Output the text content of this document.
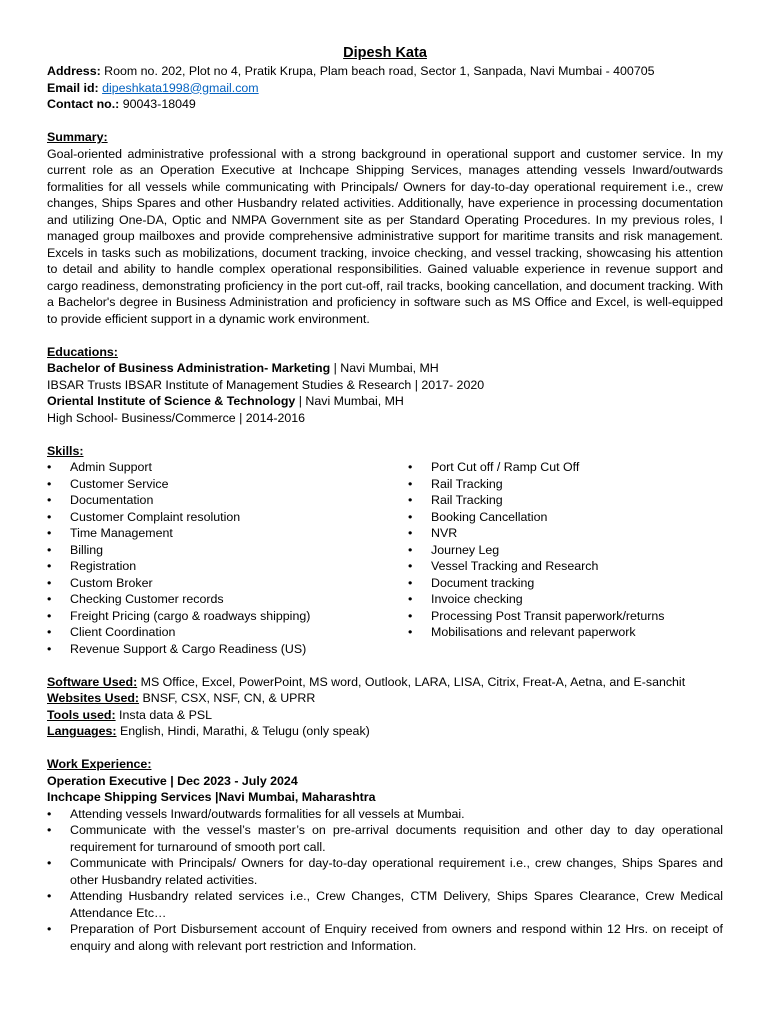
Dipesh Kata
Address: Room no. 202, Plot no 4, Pratik Krupa, Plam beach road, Sector 1, Sanpada, Navi Mumbai - 400705
Email id: dipeshkata1998@gmail.com
Contact no.: 90043-18049
Summary:
Goal-oriented administrative professional with a strong background in operational support and customer service. In my current role as an Operation Executive at Inchcape Shipping Services, manages attending vessels Inward/outwards formalities for all vessels while communicating with Principals/ Owners for day-to-day operational requirement i.e., crew changes, Ships Spares and other Husbandry related activities. Additionally, have experience in processing documentation and utilizing One-DA, Optic and NMPA Government site as per Standard Operating Procedures. In my previous roles, I managed group mailboxes and provide comprehensive administrative support for maritime transits and risk management. Excels in tasks such as mobilizations, document tracking, invoice checking, and vessel tracking, showcasing his attention to detail and ability to handle complex operational responsibilities. Gained valuable experience in revenue support and cargo readiness, demonstrating proficiency in the port cut-off, rail tracks, booking cancellation, and document tracking. With a Bachelor's degree in Business Administration and proficiency in software such as MS Office and Excel, is well-equipped to provide efficient support in a dynamic work environment.
Educations:
Bachelor of Business Administration- Marketing | Navi Mumbai, MH
IBSAR Trusts IBSAR Institute of Management Studies & Research | 2017- 2020
Oriental Institute of Science & Technology | Navi Mumbai, MH
High School- Business/Commerce | 2014-2016
Skills:
• Admin Support
• Customer Service
• Documentation
• Customer Complaint resolution
• Time Management
• Billing
• Registration
• Custom Broker
• Checking Customer records
• Freight Pricing (cargo & roadways shipping)
• Client Coordination
• Revenue Support & Cargo Readiness (US)
• Port Cut off / Ramp Cut Off
• Rail Tracking
• Rail Tracking
• Booking Cancellation
• NVR
• Journey Leg
• Vessel Tracking and Research
• Document tracking
• Invoice checking
• Processing Post Transit paperwork/returns
• Mobilisations and relevant paperwork
Software Used: MS Office, Excel, PowerPoint, MS word, Outlook, LARA, LISA, Citrix, Freat-A, Aetna, and E-sanchit
Websites Used: BNSF, CSX, NSF, CN, & UPRR
Tools used: Insta data & PSL
Languages: English, Hindi, Marathi, & Telugu (only speak)
Work Experience:
Operation Executive | Dec 2023 - July 2024
Inchcape Shipping Services |Navi Mumbai, Maharashtra
• Attending vessels Inward/outwards formalities for all vessels at Mumbai.
• Communicate with the vessel’s master’s on pre-arrival documents requisition and other day to day operational requirement for turnaround of smooth port call.
• Communicate with Principals/ Owners for day-to-day operational requirement i.e., crew changes, Ships Spares and other Husbandry related activities.
• Attending Husbandry related services i.e., Crew Changes, CTM Delivery, Ships Spares Clearance, Crew Medical Attendance Etc…
• Preparation of Port Disbursement account of Enquiry received from owners and respond within 12 Hrs. on receipt of enquiry and along with relevant port restriction and Information.
